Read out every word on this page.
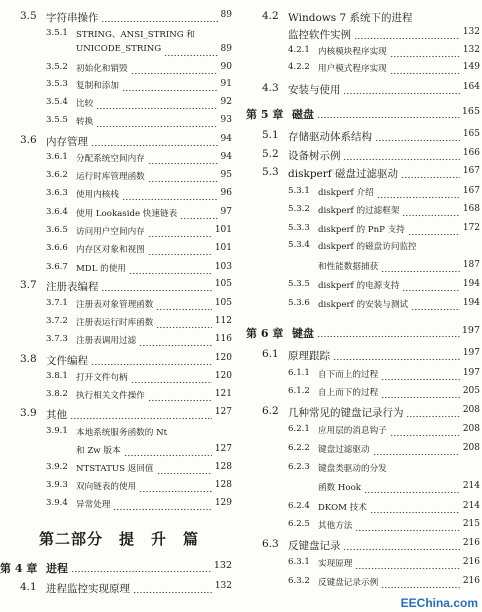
3.5 字符串操作	89
3.5.1 STRING、ANSI_STRING 和
UNICODE_STRING	89
3.5.2 初始化和销毁	90
3.5.3 复制和添加	91
3.5.4 比较	92
3.5.5 转换	93
3.6 内存管理	94
3.6.1 分配系统空间内存	94
3.6.2 运行时库管理函数	95
3.6.3 使用内核栈	96
3.6.4 使用 Lookaside 快速链表	97
3.6.5 访问用户空间内存	101
3.6.6 内存区对象和视图	101
3.6.7 MDL 的使用	103
3.7 注册表编程	105
3.7.1 注册表对象管理函数	105
3.7.2 注册表运行时库函数	112
3.7.3 注册表调用过滤	116
3.8 文件编程	120
3.8.1 打开文件句柄	120
3.8.2 执行相关文件操作	121
3.9 其他	127
3.9.1 本地系统服务函数的 Nt
和 Zw 版本	127
3.9.2 NTSTATUS 返回值	128
3.9.3 双向链表的使用	128
3.9.4 异常处理	129
第二部分　提　升　篇
第 4 章 进程	132
4.1 进程监控实现原理	132
4.2 Windows 7 系统下的进程
监控软件实例	132
4.2.1 内核模块程序实现	132
4.2.2 用户模式程序实现	149
4.3 安装与使用	164
第 5 章 磁盘	165
5.1 存储驱动体系结构	165
5.2 设备树示例	166
5.3 diskperf 磁盘过滤驱动	167
5.3.1 diskperf 介绍	167
5.3.2 diskperf 的过滤框架	168
5.3.3 diskperf 的 PnP 支持	172
5.3.4 diskperf 的磁盘访问监控
和性能数据捕获	187
5.3.5 diskperf 的电源支持	194
5.3.6 diskperf 的安装与测试	194
第 6 章 键盘	197
6.1 原理跟踪	197
6.1.1 自下而上的过程	197
6.1.2 自上而下的过程	205
6.2 几种常见的键盘记录行为	208
6.2.1 应用层的消息钩子	208
6.2.2 键盘过滤驱动	208
6.2.3 键盘类驱动的分发
函数 Hook	214
6.2.4 DKOM 技术	214
6.2.5 其他方法	215
6.3 反键盘记录	216
6.3.1 实现原理	216
6.3.2 反键盘记录示例	216
EEChina.com
